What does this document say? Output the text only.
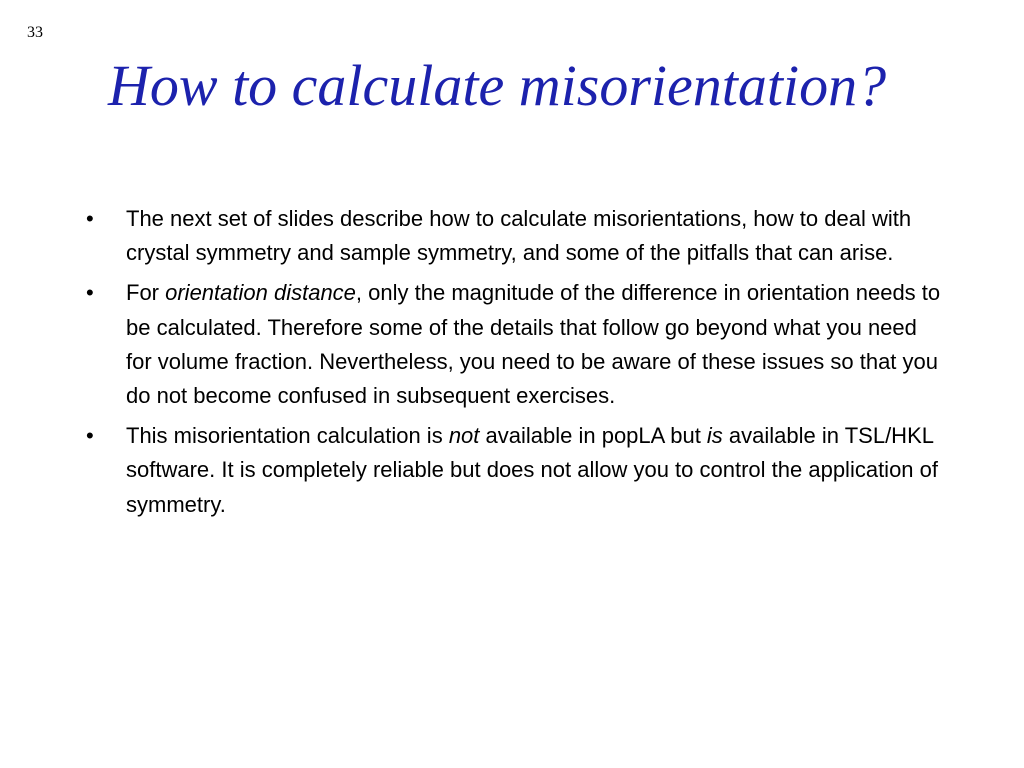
33
How to calculate misorientation?
• The next set of slides describe how to calculate misorientations, how to deal with crystal symmetry and sample symmetry, and some of the pitfalls that can arise.
• For orientation distance, only the magnitude of the difference in orientation needs to be calculated. Therefore some of the details that follow go beyond what you need for volume fraction. Nevertheless, you need to be aware of these issues so that you do not become confused in subsequent exercises.
• This misorientation calculation is not available in popLA but is available in TSL/HKL software. It is completely reliable but does not allow you to control the application of symmetry.
